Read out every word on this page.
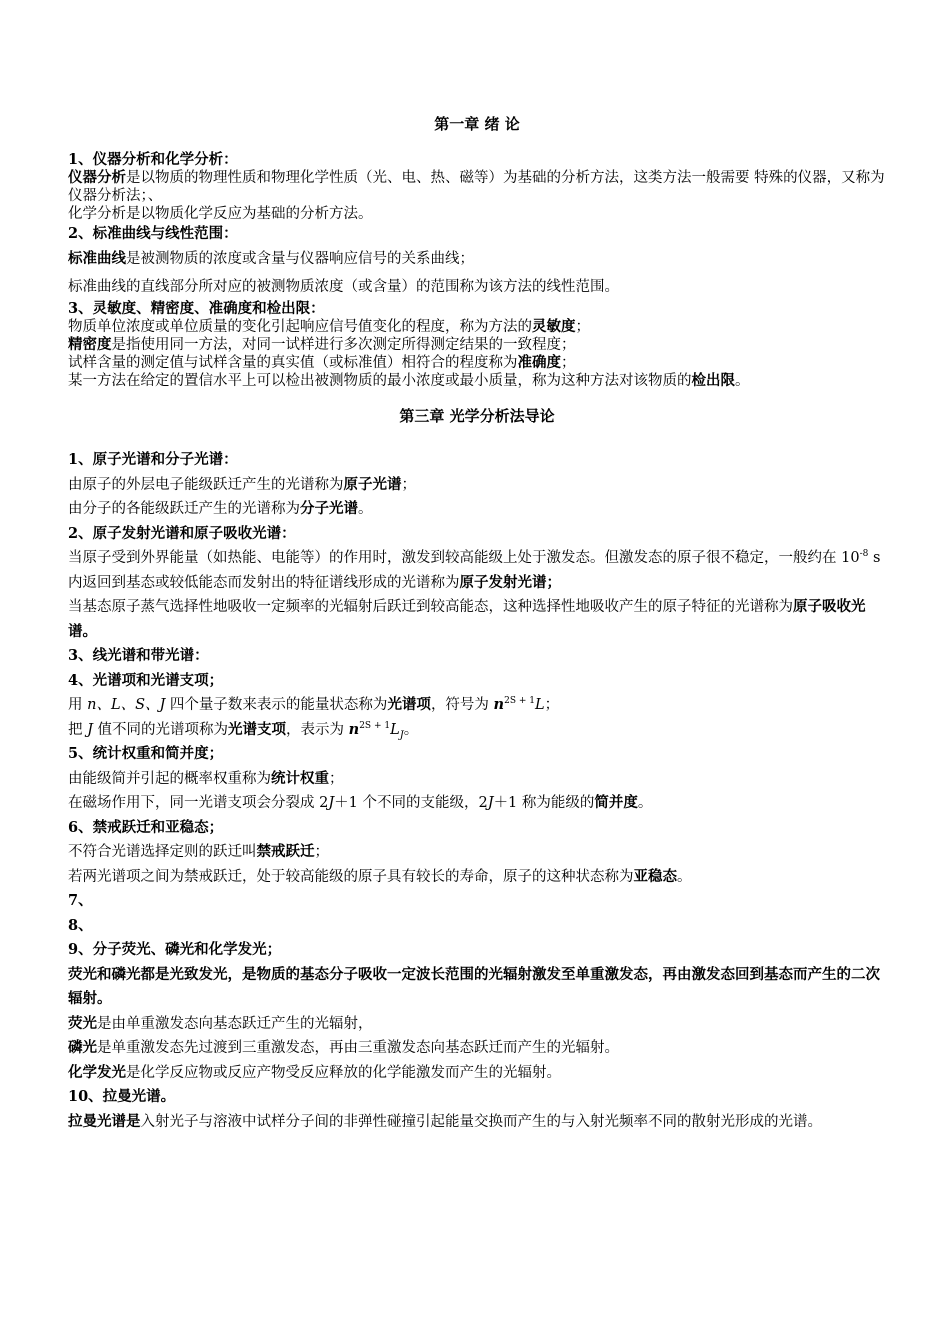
第一章 绪 论

1、仪器分析和化学分析：

仪器分析是以物质的物理性质和物理化学性质（光、电、热、磁等）为基础的分析方法，这类方法一般需要 特殊的仪器，又称为仪器分析法；、

化学分析是以物质化学反应为基础的分析方法。

2、标准曲线与线性范围：

标准曲线是被测物质的浓度或含量与仪器响应信号的关系曲线；

标准曲线的直线部分所对应的被测物质浓度（或含量）的范围称为该方法的线性范围。

3、灵敏度、精密度、准确度和检出限：

物质单位浓度或单位质量的变化引起响应信号值变化的程度，称为方法的灵敏度；

精密度是指使用同一方法，对同一试样进行多次测定所得测定结果的一致程度；

试样含量的测定值与试样含量的真实值（或标准值）相符合的程度称为准确度；

某一方法在给定的置信水平上可以检出被测物质的最小浓度或最小质量，称为这种方法对该物质的检出限。

第三章 光学分析法导论

1、原子光谱和分子光谱：

由原子的外层电子能级跃迁产生的光谱称为原子光谱；

由分子的各能级跃迁产生的光谱称为分子光谱。

2、原子发射光谱和原子吸收光谱：

当原子受到外界能量（如热能、电能等）的作用时，激发到较高能级上处于激发态。但激发态的原子很不稳定，一般约在 $10^{-8}$ s 内返回到基态或较低能态而发射出的特征谱线形成的光谱称为原子发射光谱；

当基态原子蒸气选择性地吸收一定频率的光辐射后跃迁到较高能态，这种选择性地吸收产生的原子特征的光谱称为原子吸收光谱。

3、线光谱和带光谱：

4、光谱项和光谱支项；

用 n、L、S、J 四个量子数来表示的能量状态称为光谱项，符号为 $n^{2S + 1}L$；

把 J 值不同的光谱项称为光谱支项，表示为 $n^{2S + 1}L_J$。

5、统计权重和简并度；

由能级简并引起的概率权重称为统计权重；

在磁场作用下，同一光谱支项会分裂成 2J＋1 个不同的支能级，2J＋1 称为能级的简并度。

6、禁戒跃迁和亚稳态；

不符合光谱选择定则的跃迁叫禁戒跃迁；

若两光谱项之间为禁戒跃迁，处于较高能级的原子具有较长的寿命，原子的这种状态称为亚稳态。

7、

8、

9、分子荧光、磷光和化学发光；

荧光和磷光都是光致发光，是物质的基态分子吸收一定波长范围的光辐射激发至单重激发态，再由激发态回到基态而产生的二次辐射。

荧光是由单重激发态向基态跃迁产生的光辐射，

磷光是单重激发态先过渡到三重激发态，再由三重激发态向基态跃迁而产生的光辐射。

化学发光是化学反应物或反应产物受反应释放的化学能激发而产生的光辐射。

10、拉曼光谱。

拉曼光谱是入射光子与溶液中试样分子间的非弹性碰撞引起能量交换而产生的与入射光频率不同的散射光形成的光谱。
